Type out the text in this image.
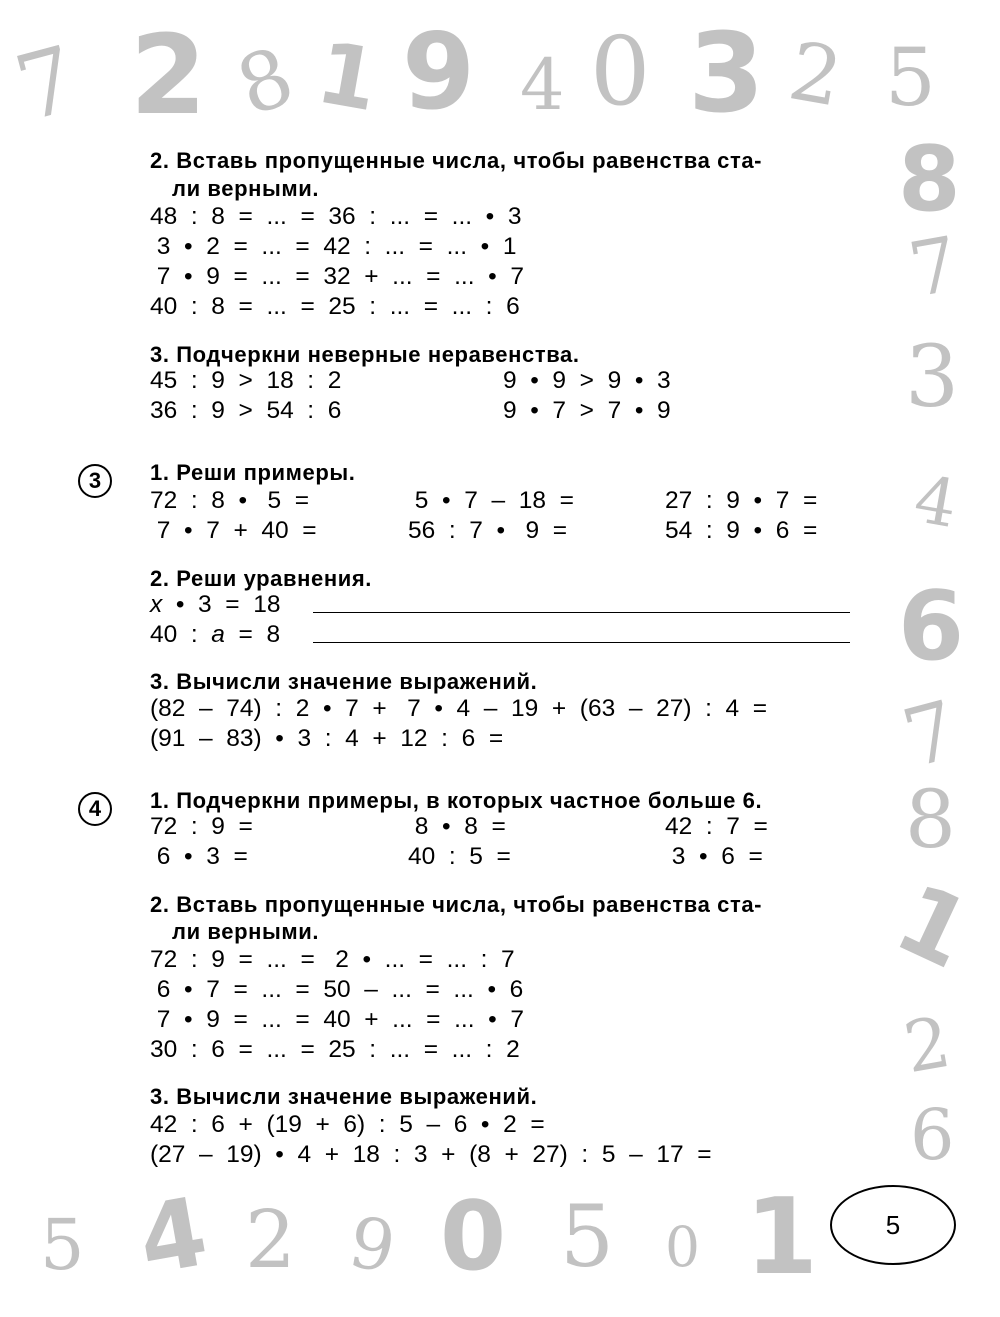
7 2 8 1 9 4 0 3 2 5
8
7
3
4
6
7
8
1
2
6
5 4 2 9 0 5 0 1
2. Вставь пропущенные числа, чтобы равенства ста-
ли верными.
48  :  8  =  ...  =  36  :  ...  =  ...  •  3
3  •  2  =  ...  =  42  :  ...  =  ...  •  1
7  •  9  =  ...  =  32  +  ...  =  ...  •  7
40  :  8  =  ...  =  25  :  ...  =  ...  :  6
3. Подчеркни неверные неравенства.
45  :  9  >  18  :  2
36  :  9  >  54  :  6
9  •  9  >  9  •  3
9  •  7  >  7  •  9
3	1. Реши примеры.
72  :  8  •   5  =
7  •  7  +  40  =
5  •  7  –  18  =
56  :  7  •   9  =
27  :  9  •  7  =
54  :  9  •  6  =
2. Реши уравнения.
x  •  3  =  18
40  :  a  =  8
3. Вычисли значение выражений.
(82  –  74)  :  2  •  7  +   7  •  4  –  19  +  (63  –  27)  :  4  =
(91  –  83)  •  3  :  4  +  12  :  6  =
4	1. Подчеркни примеры, в которых частное больше 6.
72  :  9  =
6  •  3  =
8  •  8  =
40  :  5  =
42  :  7  =
3  •  6  =
2. Вставь пропущенные числа, чтобы равенства ста-
ли верными.
72  :  9  =  ...  =   2  •  ...  =  ...  :  7
6  •  7  =  ...  =  50  –  ...  =  ...  •  6
7  •  9  =  ...  =  40  +  ...  =  ...  •  7
30  :  6  =  ...  =  25  :  ...  =  ...  :  2
3. Вычисли значение выражений.
42  :  6  +  (19  +  6)  :  5  –  6  •  2  =
(27  –  19)  •  4  +  18  :  3  +  (8  +  27)  :  5  –  17  =
5
